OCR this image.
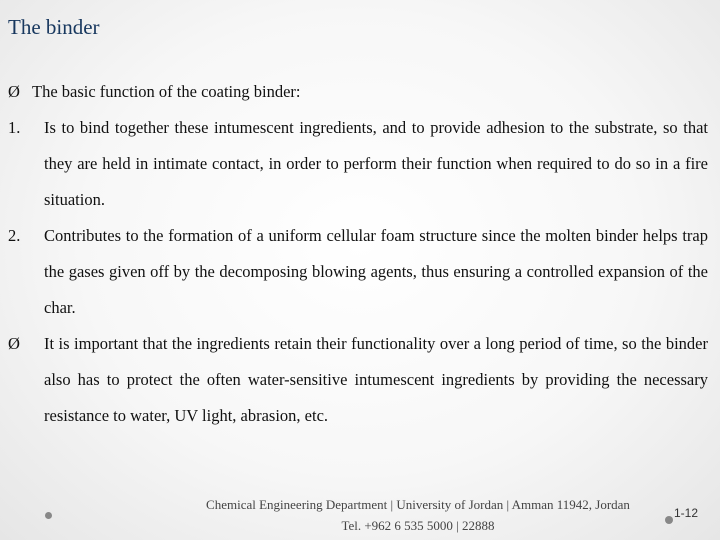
The binder

Ø The basic function of the coating binder:

1. Is to bind together these intumescent ingredients, and to provide adhesion to the substrate, so that they are held in intimate contact, in order to perform their function when required to do so in a fire situation.

2. Contributes to the formation of a uniform cellular foam structure since the molten binder helps trap the gases given off by the decomposing blowing agents, thus ensuring a controlled expansion of the char.

Ø It is important that the ingredients retain their functionality over a long period of time, so the binder also has to protect the often water-sensitive intumescent ingredients by providing the necessary resistance to water, UV light, abrasion, etc.

Chemical Engineering Department | University of Jordan | Amman 11942, Jordan
Tel. +962 6 535 5000 | 22888
1-12
